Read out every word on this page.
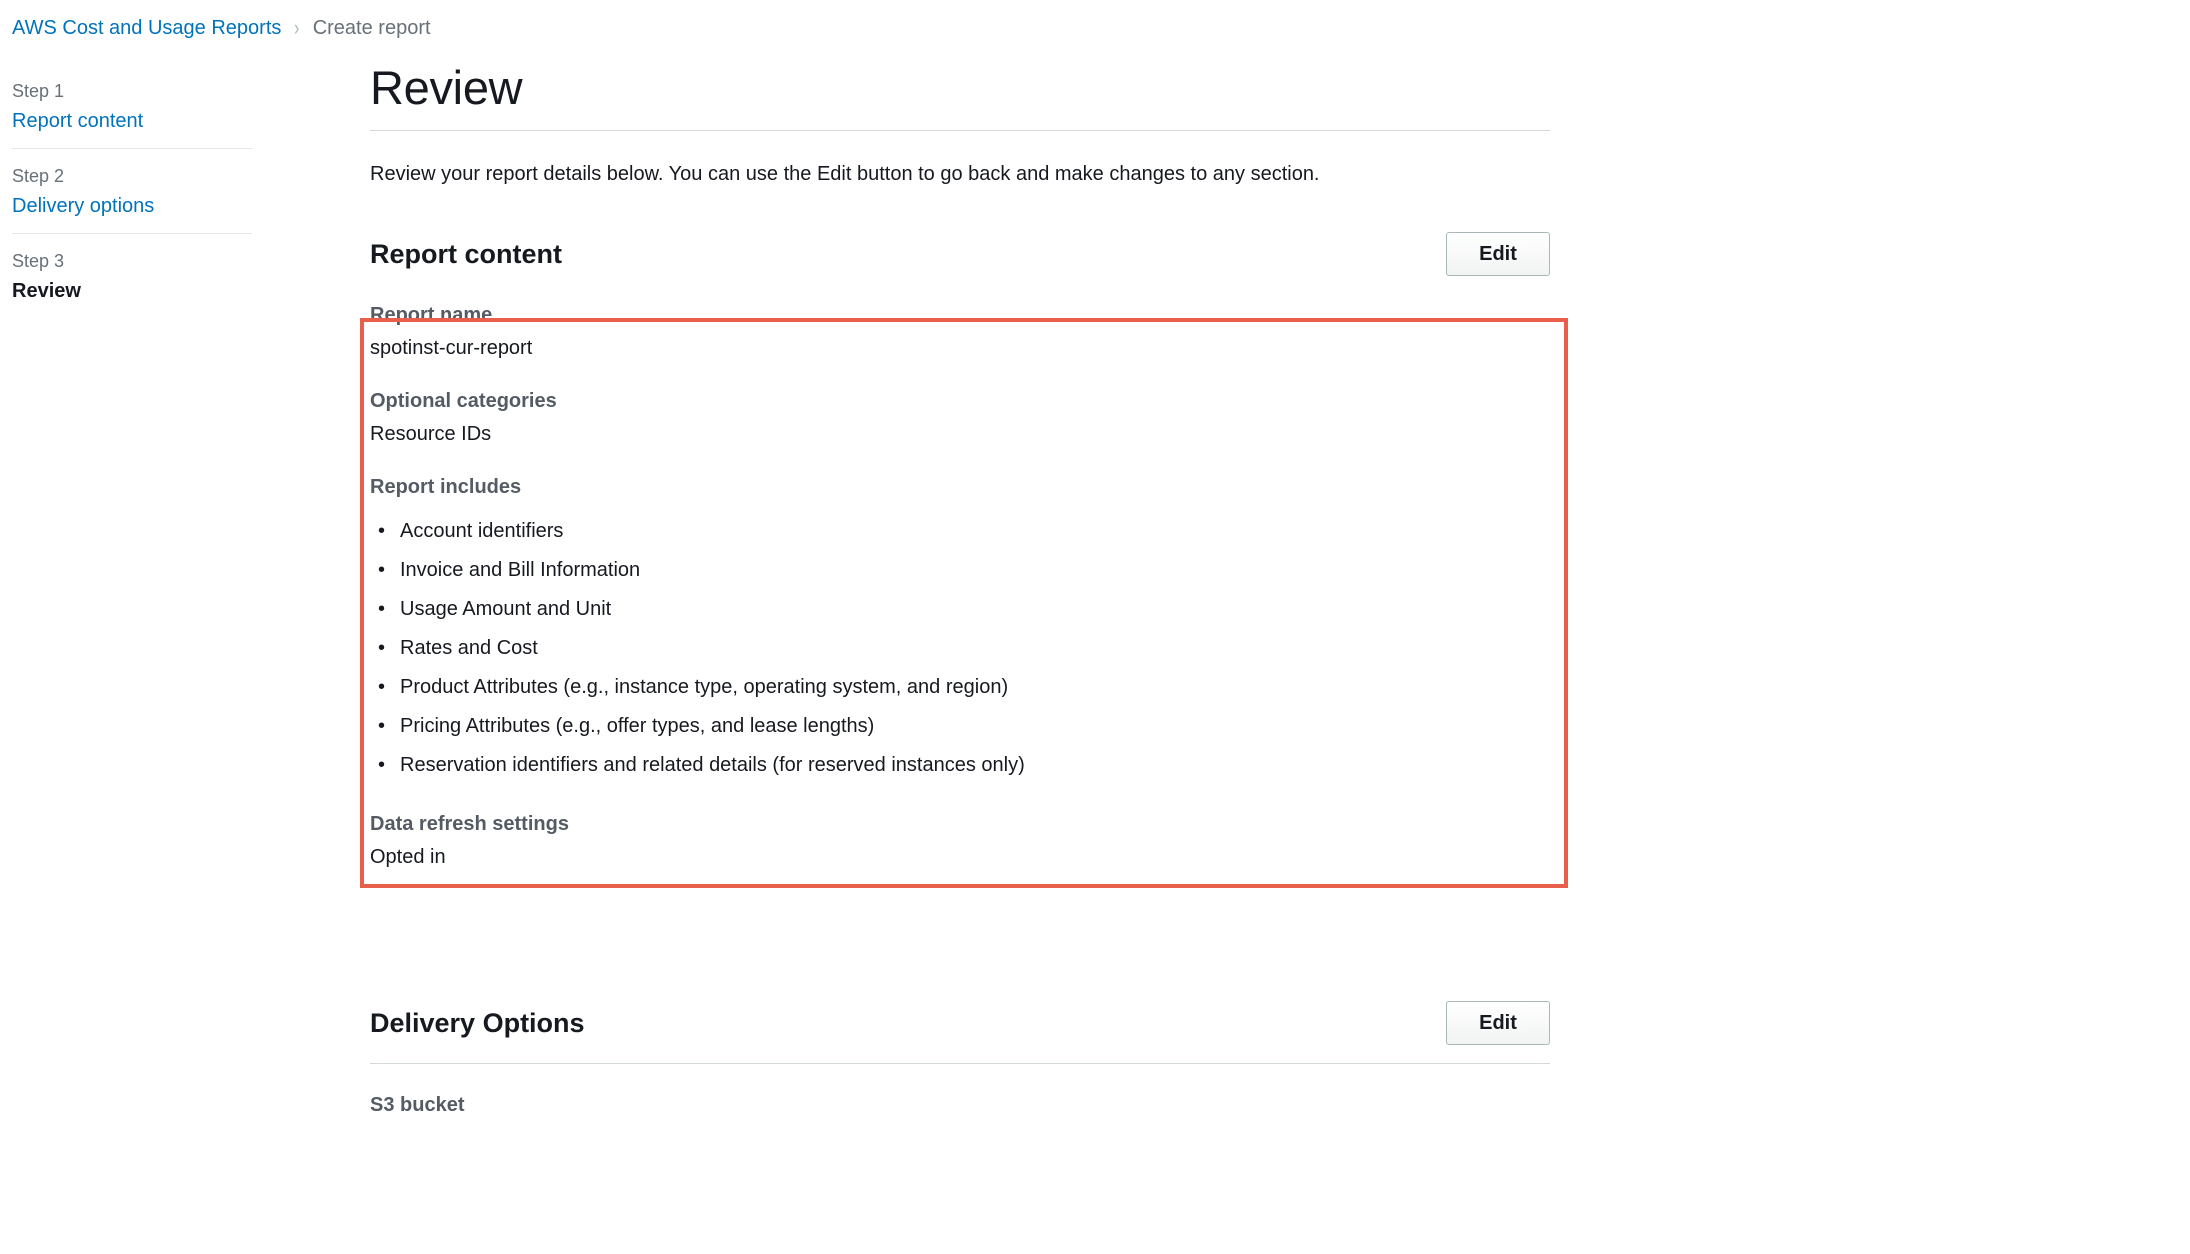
AWS Cost and Usage Reports › Create report
Step 1
Report content
Step 2
Delivery options
Step 3
Review
Review

Review your report details below. You can use the Edit button to go back and make changes to any section.

Report content	Edit
Report name
spotinst-cur-report
Optional categories
Resource IDs
Report includes
• Account identifiers
• Invoice and Bill Information
• Usage Amount and Unit
• Rates and Cost
• Product Attributes (e.g., instance type, operating system, and region)
• Pricing Attributes (e.g., offer types, and lease lengths)
• Reservation identifiers and related details (for reserved instances only)
Data refresh settings
Opted in
Delivery Options	Edit
S3 bucket
